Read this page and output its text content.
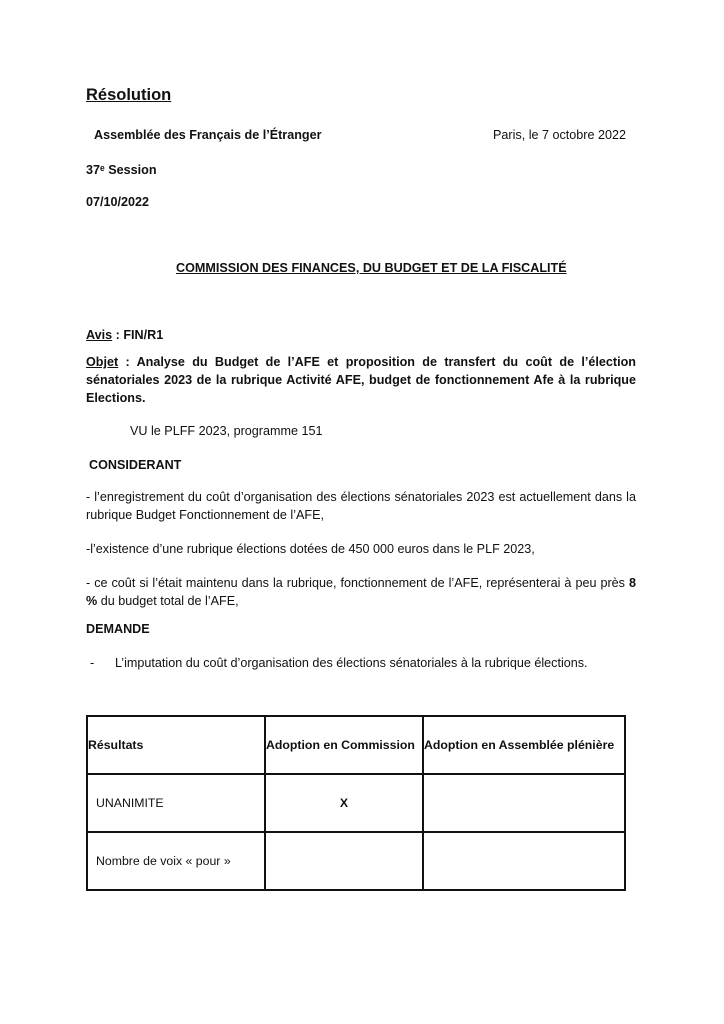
Résolution
Assemblée des Français de l’Étranger	Paris, le 7 octobre 2022
37ᵉ Session
07/10/2022
COMMISSION DES FINANCES, DU BUDGET ET DE LA FISCALITÉ
Avis : FIN/R1
Objet : Analyse du Budget de l’AFE et proposition de transfert du coût de l’élection sénatoriales 2023 de la rubrique Activité AFE, budget de fonctionnement Afe à la rubrique Elections.
VU le PLFF 2023, programme 151
CONSIDERANT
- l’enregistrement du coût d’organisation des élections sénatoriales 2023 est actuellement dans la rubrique Budget Fonctionnement de l’AFE,
-l’existence d’une rubrique élections dotées de 450 000 euros dans le PLF 2023,
- ce coût si l’était maintenu dans la rubrique, fonctionnement de l’AFE, représenterai à peu près 8 % du budget total de l’AFE,
DEMANDE
- L’imputation du coût d’organisation des élections sénatoriales à la rubrique élections.
Résultats	Adoption en Commission	Adoption en Assemblée plénière
UNANIMITE	X	
Nombre de voix « pour »		
